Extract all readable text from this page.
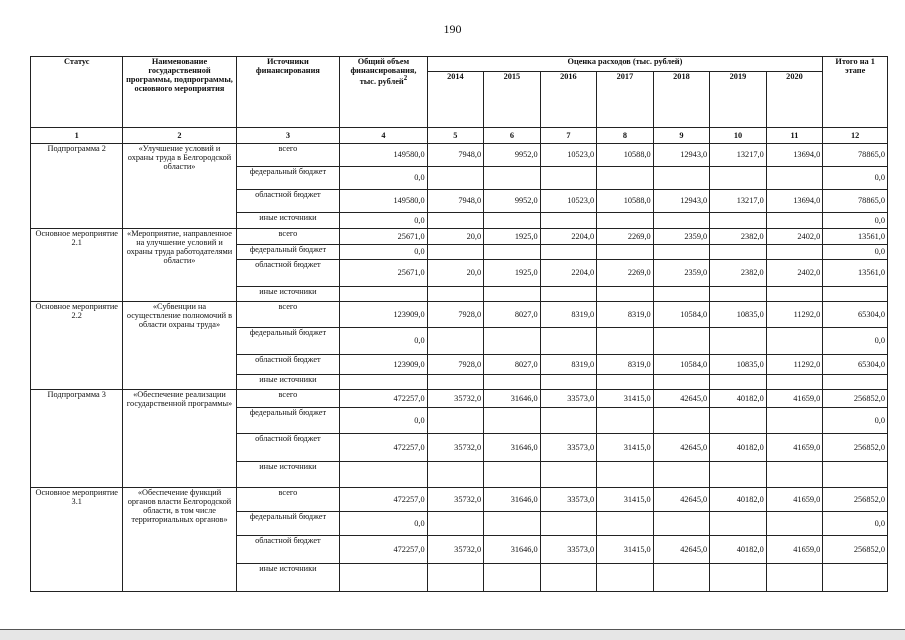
190
Статус	Наименование государственной программы, подпрограммы, основного мероприятия	Источники финансирования	Общий объем финансирования, тыс. рублей$^2$	Оценка расходов (тыс. рублей)							Итого на 1 этапе
				2014	2015	2016	2017	2018	2019	2020	
1	2	3	4	5	6	7	8	9	10	11	12
Подпрограмма 2	«Улучшение условий и охраны труда в Белгородской области»	всего	149580,0	7948,0	9952,0	10523,0	10588,0	12943,0	13217,0	13694,0	78865,0
		федеральный бюджет	0,0								0,0
		областной бюджет	149580,0	7948,0	9952,0	10523,0	10588,0	12943,0	13217,0	13694,0	78865,0
		иные источники	0,0								0,0
Основное мероприятие 2.1	«Мероприятие, направленное на улучшение условий и охраны труда работодателями области»	всего	25671,0	20,0	1925,0	2204,0	2269,0	2359,0	2382,0	2402,0	13561,0
		федеральный бюджет	0,0								0,0
		областной бюджет	25671,0	20,0	1925,0	2204,0	2269,0	2359,0	2382,0	2402,0	13561,0
		иные источники									
Основное мероприятие 2.2	«Субвенции на осуществление полномочий в области охраны труда»	всего	123909,0	7928,0	8027,0	8319,0	8319,0	10584,0	10835,0	11292,0	65304,0
		федеральный бюджет	0,0								0,0
		областной бюджет	123909,0	7928,0	8027,0	8319,0	8319,0	10584,0	10835,0	11292,0	65304,0
		иные источники									
Подпрограмма 3	«Обеспечение реализации государственной программы»	всего	472257,0	35732,0	31646,0	33573,0	31415,0	42645,0	40182,0	41659,0	256852,0
		федеральный бюджет	0,0								0,0
		областной бюджет	472257,0	35732,0	31646,0	33573,0	31415,0	42645,0	40182,0	41659,0	256852,0
		иные источники									
Основное мероприятие 3.1	«Обеспечение функций органов власти Белгородской области, в том числе территориальных органов»	всего	472257,0	35732,0	31646,0	33573,0	31415,0	42645,0	40182,0	41659,0	256852,0
		федеральный бюджет	0,0								0,0
		областной бюджет	472257,0	35732,0	31646,0	33573,0	31415,0	42645,0	40182,0	41659,0	256852,0
		иные источники									
